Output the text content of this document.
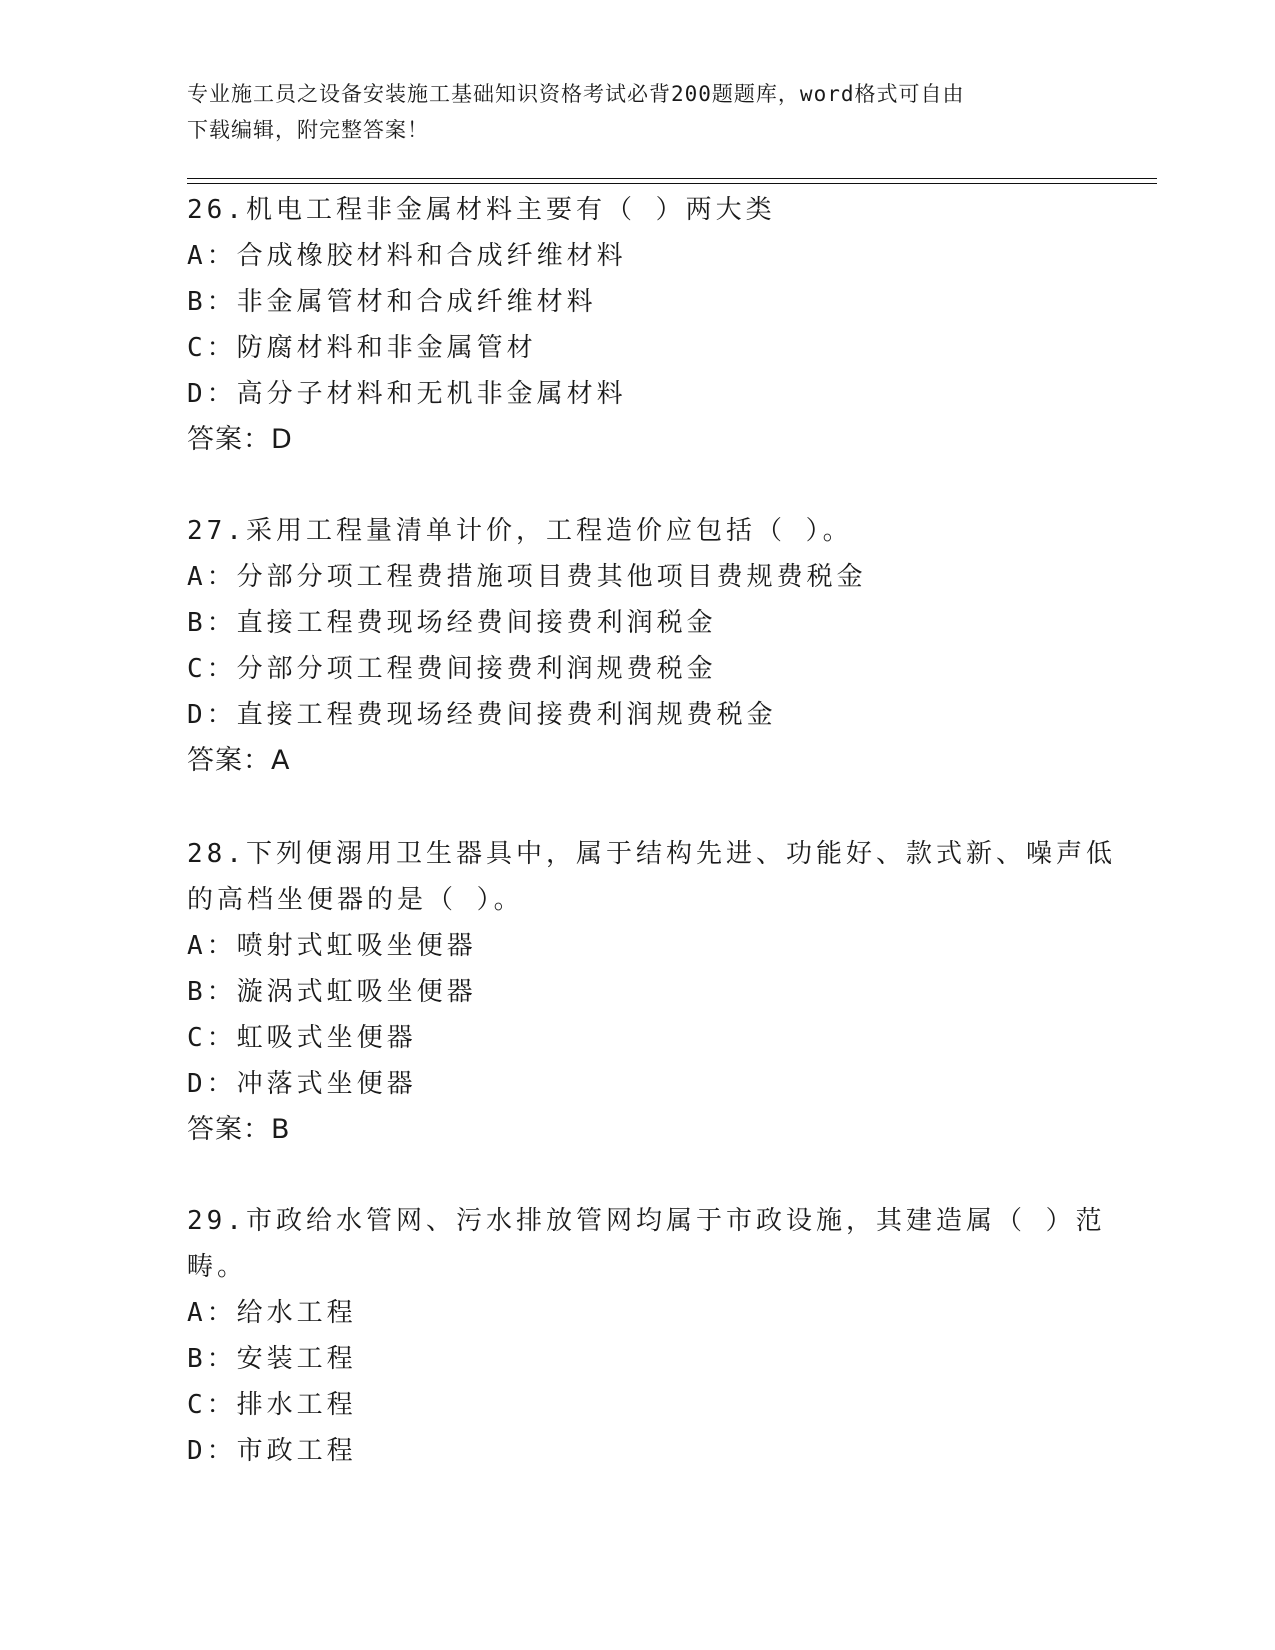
专业施工员之设备安装施工基础知识资格考试必背200题题库，word格式可自由
下载编辑，附完整答案！
26.机电工程非金属材料主要有（ ）两大类
A：合成橡胶材料和合成纤维材料
B：非金属管材和合成纤维材料
C：防腐材料和非金属管材
D：高分子材料和无机非金属材料
答案：D
27.采用工程量清单计价，工程造价应包括（ ）。
A：分部分项工程费措施项目费其他项目费规费税金
B：直接工程费现场经费间接费利润税金
C：分部分项工程费间接费利润规费税金
D：直接工程费现场经费间接费利润规费税金
答案：A
28.下列便溺用卫生器具中，属于结构先进、功能好、款式新、噪声低
的高档坐便器的是（ ）。
A：喷射式虹吸坐便器
B：漩涡式虹吸坐便器
C：虹吸式坐便器
D：冲落式坐便器
答案：B
29.市政给水管网、污水排放管网均属于市政设施，其建造属（ ）范
畴。
A：给水工程
B：安装工程
C：排水工程
D：市政工程
